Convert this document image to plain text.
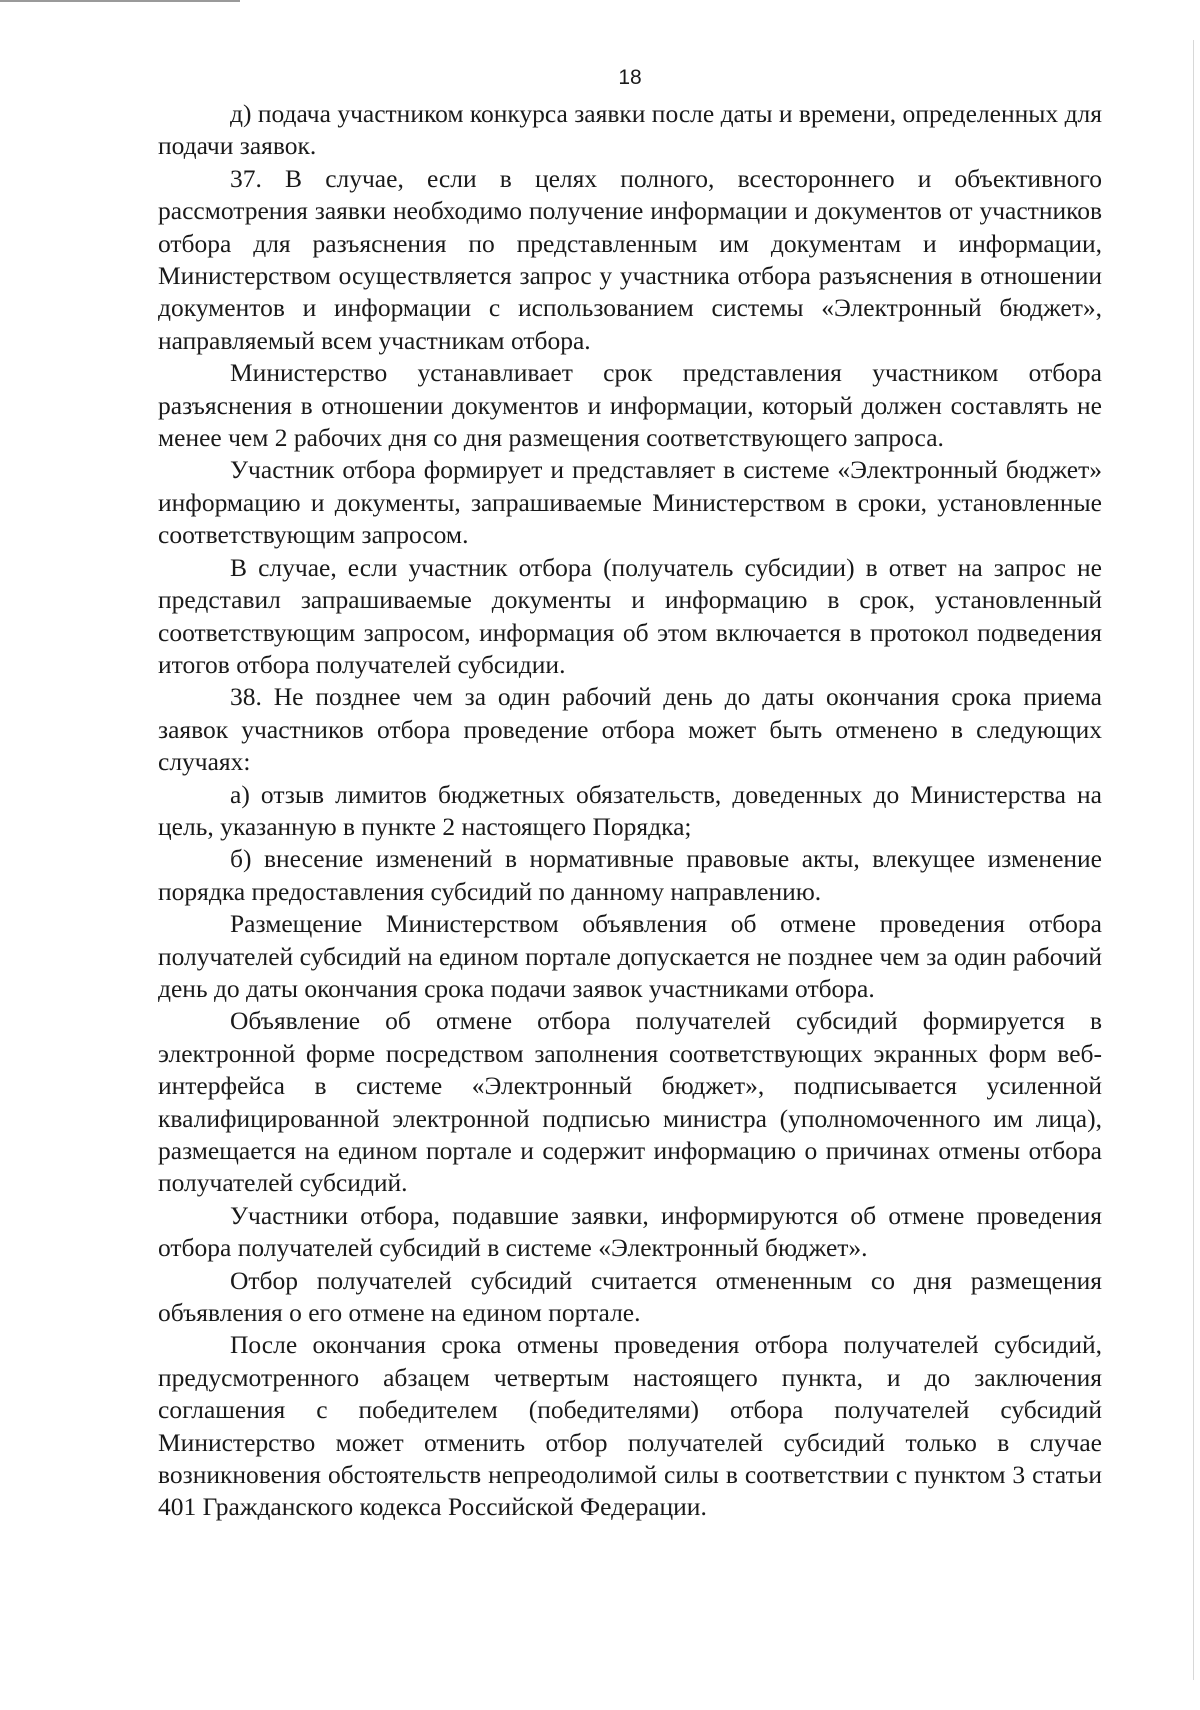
18

д) подача участником конкурса заявки после даты и времени, определенных для подачи заявок.

37. В случае, если в целях полного, всестороннего и объективного рассмотрения заявки необходимо получение информации и документов от участников отбора для разъяснения по представленным им документам и информации, Министерством осуществляется запрос у участника отбора разъяснения в отношении документов и информации с использованием системы «Электронный бюджет», направляемый всем участникам отбора.

Министерство устанавливает срок представления участником отбора разъяснения в отношении документов и информации, который должен составлять не менее чем 2 рабочих дня со дня размещения соответствующего запроса.

Участник отбора формирует и представляет в системе «Электронный бюджет» информацию и документы, запрашиваемые Министерством в сроки, установленные соответствующим запросом.

В случае, если участник отбора (получатель субсидии) в ответ на запрос не представил запрашиваемые документы и информацию в срок, установленный соответствующим запросом, информация об этом включается в протокол подведения итогов отбора получателей субсидии.

38. Не позднее чем за один рабочий день до даты окончания срока приема заявок участников отбора проведение отбора может быть отменено в следующих случаях:

а) отзыв лимитов бюджетных обязательств, доведенных до Министерства на цель, указанную в пункте 2 настоящего Порядка;

б) внесение изменений в нормативные правовые акты, влекущее изменение порядка предоставления субсидий по данному направлению.

Размещение Министерством объявления об отмене проведения отбора получателей субсидий на едином портале допускается не позднее чем за один рабочий день до даты окончания срока подачи заявок участниками отбора.

Объявление об отмене отбора получателей субсидий формируется в электронной форме посредством заполнения соответствующих экранных форм веб-интерфейса в системе «Электронный бюджет», подписывается усиленной квалифицированной электронной подписью министра (уполномоченного им лица), размещается на едином портале и содержит информацию о причинах отмены отбора получателей субсидий.

Участники отбора, подавшие заявки, информируются об отмене проведения отбора получателей субсидий в системе «Электронный бюджет».

Отбор получателей субсидий считается отмененным со дня размещения объявления о его отмене на едином портале.

После окончания срока отмены проведения отбора получателей субсидий, предусмотренного абзацем четвертым настоящего пункта, и до заключения соглашения с победителем (победителями) отбора получателей субсидий Министерство может отменить отбор получателей субсидий только в случае возникновения обстоятельств непреодолимой силы в соответствии с пунктом 3 статьи 401 Гражданского кодекса Российской Федерации.
